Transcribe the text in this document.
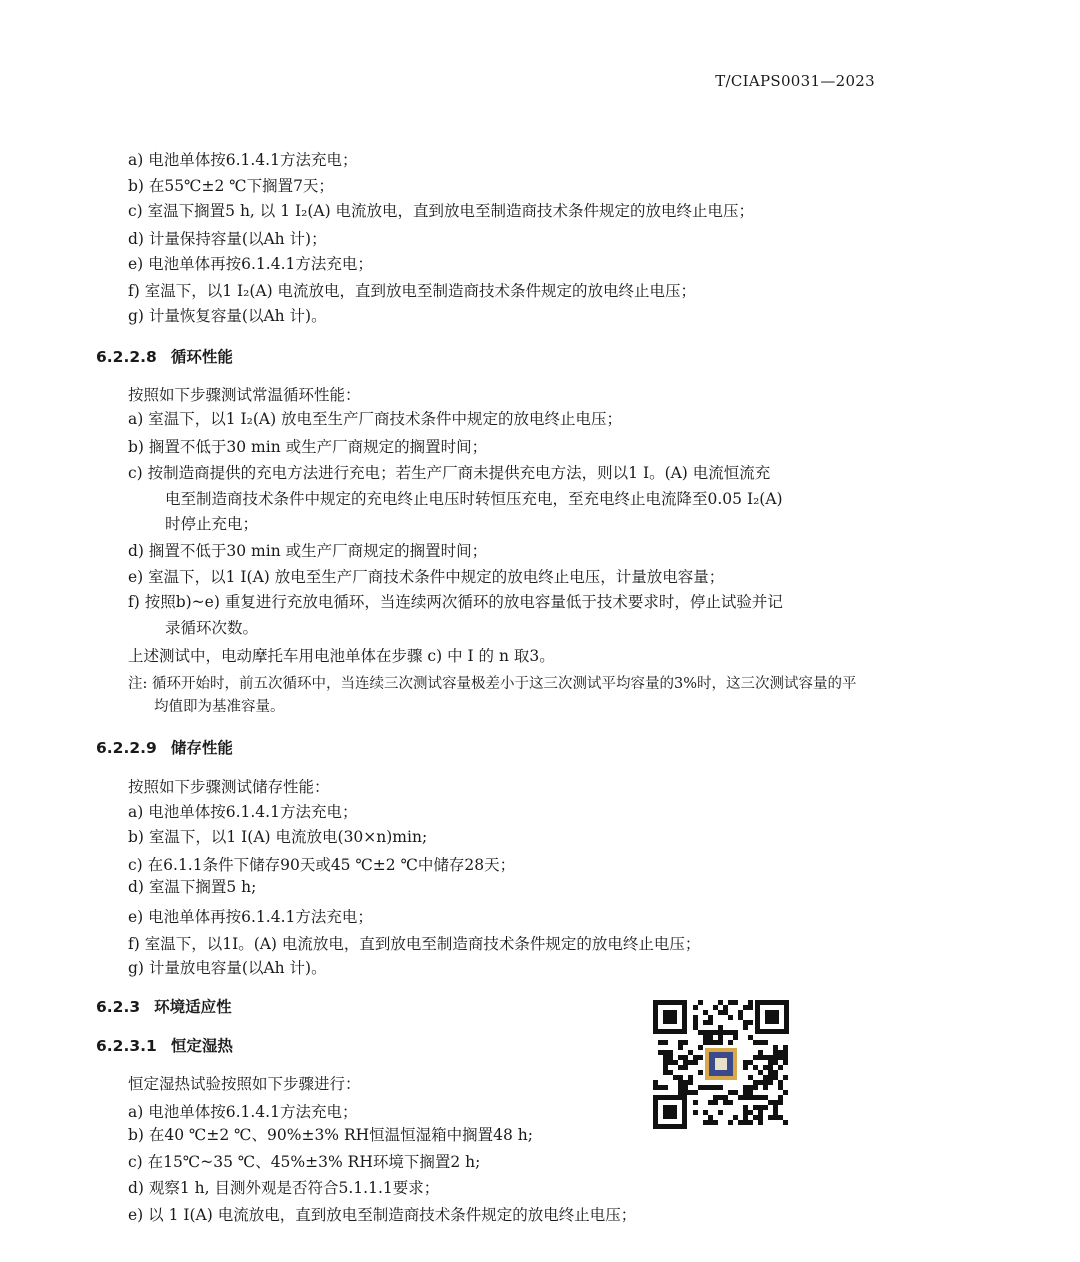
T/CIAPS0031—2023
a) 电池单体按6.1.4.1方法充电；
b) 在55℃±2 ℃下搁置7天；
c) 室温下搁置5 h, 以 1 I₂(A) 电流放电，直到放电至制造商技术条件规定的放电终止电压；
d) 计量保持容量(以Ah 计)；
e) 电池单体再按6.1.4.1方法充电；
f) 室温下，以1 I₂(A) 电流放电，直到放电至制造商技术条件规定的放电终止电压；
g) 计量恢复容量(以Ah 计)。
6.2.2.8 循环性能
按照如下步骤测试常温循环性能：
a) 室温下，以1 I₂(A) 放电至生产厂商技术条件中规定的放电终止电压；
b) 搁置不低于30 min 或生产厂商规定的搁置时间；
c) 按制造商提供的充电方法进行充电；若生产厂商未提供充电方法，则以1 I。(A) 电流恒流充
电至制造商技术条件中规定的充电终止电压时转恒压充电，至充电终止电流降至0.05 I₂(A)
时停止充电；
d) 搁置不低于30 min 或生产厂商规定的搁置时间；
e) 室温下，以1 I(A) 放电至生产厂商技术条件中规定的放电终止电压，计量放电容量；
f) 按照b)~e) 重复进行充放电循环，当连续两次循环的放电容量低于技术要求时，停止试验并记
录循环次数。
上述测试中，电动摩托车用电池单体在步骤 c) 中 I 的 n 取3。
注: 循环开始时，前五次循环中，当连续三次测试容量极差小于这三次测试平均容量的3%时，这三次测试容量的平
均值即为基准容量。
6.2.2.9 储存性能
按照如下步骤测试储存性能：
a) 电池单体按6.1.4.1方法充电；
b) 室温下，以1 I(A) 电流放电(30×n)min;
c) 在6.1.1条件下储存90天或45 ℃±2 ℃中储存28天；
d) 室温下搁置5 h;
e) 电池单体再按6.1.4.1方法充电；
f) 室温下，以1I。(A) 电流放电，直到放电至制造商技术条件规定的放电终止电压；
g) 计量放电容量(以Ah 计)。
6.2.3 环境适应性
6.2.3.1 恒定湿热
恒定湿热试验按照如下步骤进行：
a) 电池单体按6.1.4.1方法充电；
b) 在40 ℃±2 ℃、90%±3% RH恒温恒湿箱中搁置48 h;
c) 在15℃~35 ℃、45%±3% RH环境下搁置2 h;
d) 观察1 h, 目测外观是否符合5.1.1.1要求；
e) 以 1 I(A) 电流放电，直到放电至制造商技术条件规定的放电终止电压；
